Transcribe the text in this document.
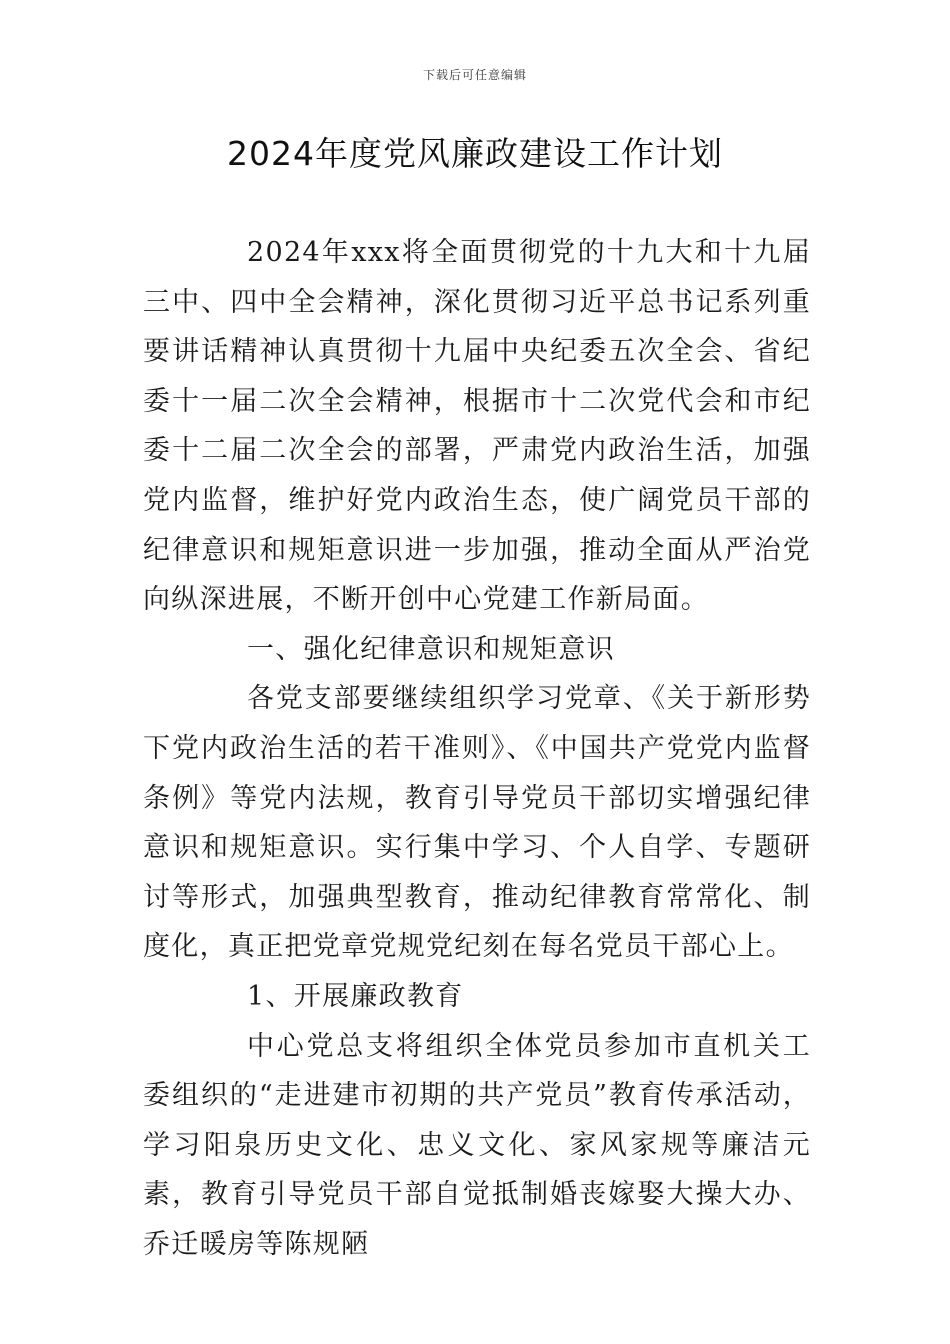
下载后可任意编辑
2024年度党风廉政建设工作计划

2024年xxx将全面贯彻党的十九大和十九届三中、四中全会精神，深化贯彻习近平总书记系列重要讲话精神认真贯彻十九届中央纪委五次全会、省纪委十一届二次全会精神，根据市十二次党代会和市纪委十二届二次全会的部署，严肃党内政治生活，加强党内监督，维护好党内政治生态，使广阔党员干部的纪律意识和规矩意识进一步加强，推动全面从严治党向纵深进展，不断开创中心党建工作新局面。

一、强化纪律意识和规矩意识

各党支部要继续组织学习党章、《关于新形势下党内政治生活的若干准则》、《中国共产党党内监督条例》等党内法规，教育引导党员干部切实增强纪律意识和规矩意识。实行集中学习、个人自学、专题研讨等形式，加强典型教育，推动纪律教育常常化、制度化，真正把党章党规党纪刻在每名党员干部心上。

1、开展廉政教育

中心党总支将组织全体党员参加市直机关工委组织的“走进建市初期的共产党员”教育传承活动，学习阳泉历史文化、忠义文化、家风家规等廉洁元素，教育引导党员干部自觉抵制婚丧嫁娶大操大办、乔迁暖房等陈规陋
